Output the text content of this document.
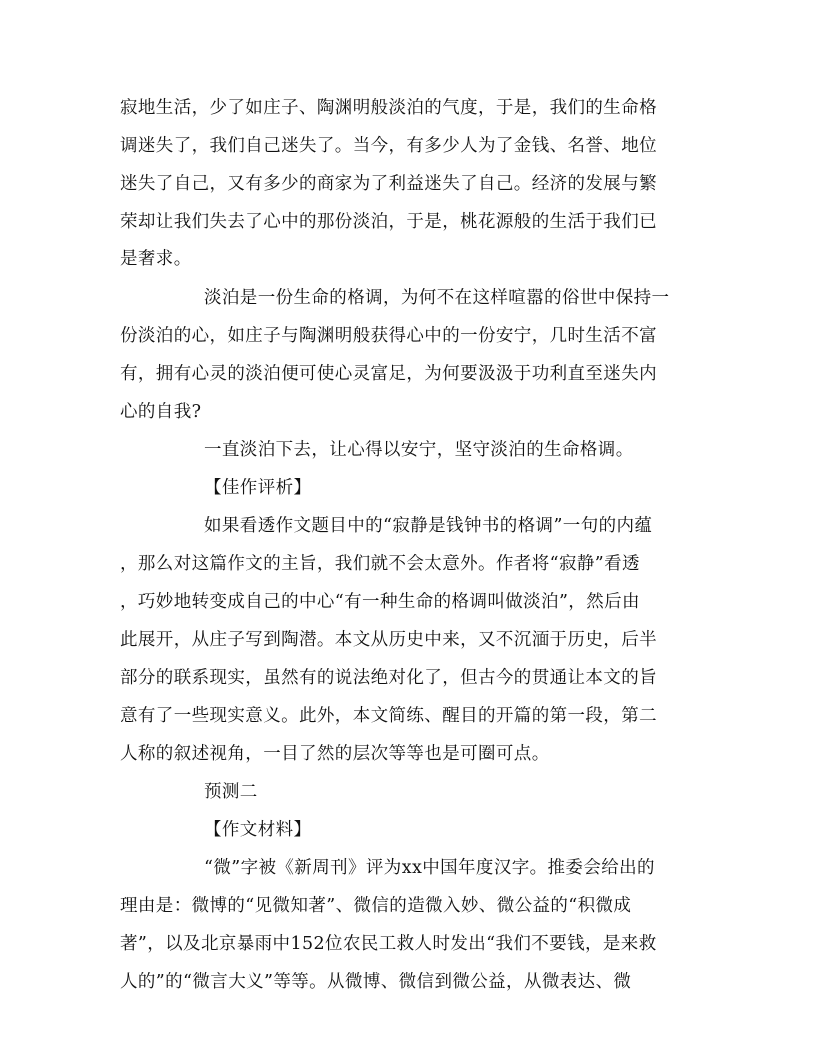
寂地生活，少了如庄子、陶渊明般淡泊的气度，于是，我们的生命格
调迷失了，我们自己迷失了。当今，有多少人为了金钱、名誉、地位
迷失了自己，又有多少的商家为了利益迷失了自己。经济的发展与繁
荣却让我们失去了心中的那份淡泊，于是，桃花源般的生活于我们已
是奢求。
淡泊是一份生命的格调，为何不在这样喧嚣的俗世中保持一
份淡泊的心，如庄子与陶渊明般获得心中的一份安宁，几时生活不富
有，拥有心灵的淡泊便可使心灵富足，为何要汲汲于功利直至迷失内
心的自我?
一直淡泊下去，让心得以安宁，坚守淡泊的生命格调。
【佳作评析】
如果看透作文题目中的“寂静是钱钟书的格调”一句的内蕴
，那么对这篇作文的主旨，我们就不会太意外。作者将“寂静”看透
，巧妙地转变成自己的中心“有一种生命的格调叫做淡泊”，然后由
此展开，从庄子写到陶潜。本文从历史中来，又不沉湎于历史，后半
部分的联系现实，虽然有的说法绝对化了，但古今的贯通让本文的旨
意有了一些现实意义。此外，本文简练、醒目的开篇的第一段，第二
人称的叙述视角，一目了然的层次等等也是可圈可点。
预测二
【作文材料】
“微”字被《新周刊》评为xx中国年度汉字。推委会给出的
理由是：微博的“见微知著”、微信的造微入妙、微公益的“积微成
著”，以及北京暴雨中152位农民工救人时发出“我们不要钱，是来救
人的”的“微言大义”等等。从微博、微信到微公益，从微表达、微
